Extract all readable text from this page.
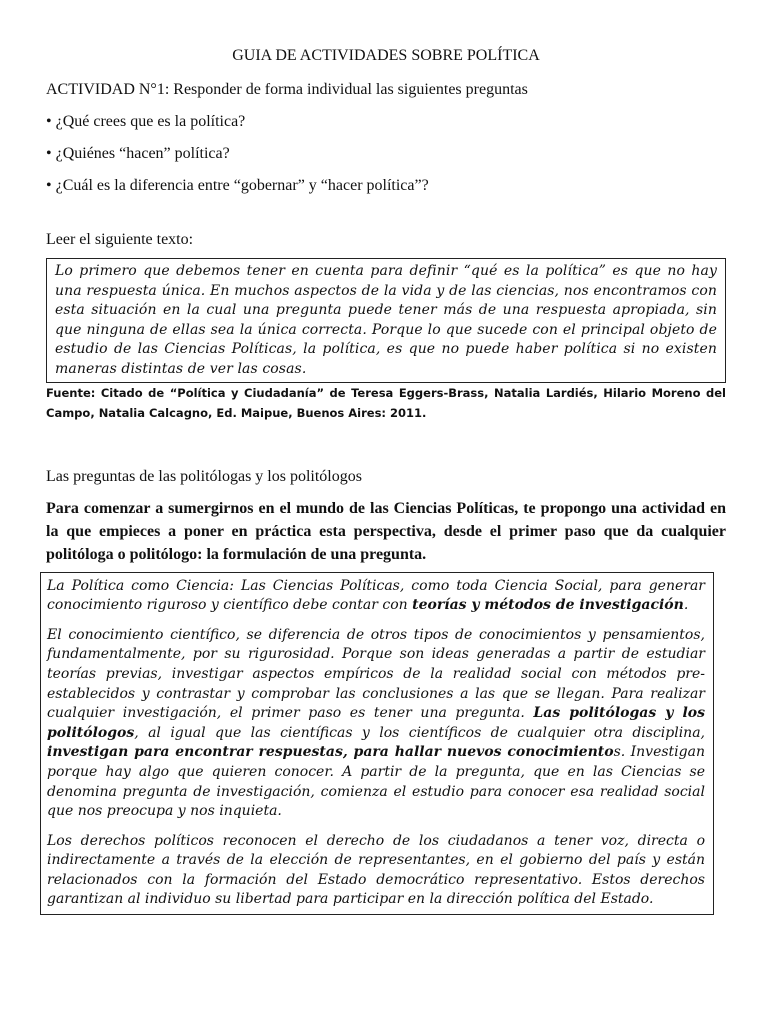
GUIA DE ACTIVIDADES SOBRE POLÍTICA
ACTIVIDAD N°1: Responder de forma individual las siguientes preguntas
• ¿Qué crees que es la política?
• ¿Quiénes “hacen” política?
• ¿Cuál es la diferencia entre “gobernar” y “hacer política”?
Leer el siguiente texto:
Lo primero que debemos tener en cuenta para definir “qué es la política” es que no hay una respuesta única. En muchos aspectos de la vida y de las ciencias, nos encontramos con esta situación en la cual una pregunta puede tener más de una respuesta apropiada, sin que ninguna de ellas sea la única correcta. Porque lo que sucede con el principal objeto de estudio de las Ciencias Políticas, la política, es que no puede haber política si no existen maneras distintas de ver las cosas.
Fuente: Citado de “Política y Ciudadanía” de Teresa Eggers-Brass, Natalia Lardiés, Hilario Moreno del Campo, Natalia Calcagno, Ed. Maipue, Buenos Aires: 2011.
Las preguntas de las politólogas y los politólogos
Para comenzar a sumergirnos en el mundo de las Ciencias Políticas, te propongo una actividad en la que empieces a poner en práctica esta perspectiva, desde el primer paso que da cualquier politóloga o politólogo: la formulación de una pregunta.

La Política como Ciencia: Las Ciencias Políticas, como toda Ciencia Social, para generar conocimiento riguroso y científico debe contar con teorías y métodos de investigación.

El conocimiento científico, se diferencia de otros tipos de conocimientos y pensamientos, fundamentalmente, por su rigurosidad. Porque son ideas generadas a partir de estudiar teorías previas, investigar aspectos empíricos de la realidad social con métodos pre-establecidos y contrastar y comprobar las conclusiones a las que se llegan. Para realizar cualquier investigación, el primer paso es tener una pregunta. Las politólogas y los politólogos, al igual que las científicas y los científicos de cualquier otra disciplina, investigan para encontrar respuestas, para hallar nuevos conocimientos. Investigan porque hay algo que quieren conocer. A partir de la pregunta, que en las Ciencias se denomina pregunta de investigación, comienza el estudio para conocer esa realidad social que nos preocupa y nos inquieta.

Los derechos políticos reconocen el derecho de los ciudadanos a tener voz, directa o indirectamente a través de la elección de representantes, en el gobierno del país y están relacionados con la formación del Estado democrático representativo. Estos derechos garantizan al individuo su libertad para participar en la dirección política del Estado.
